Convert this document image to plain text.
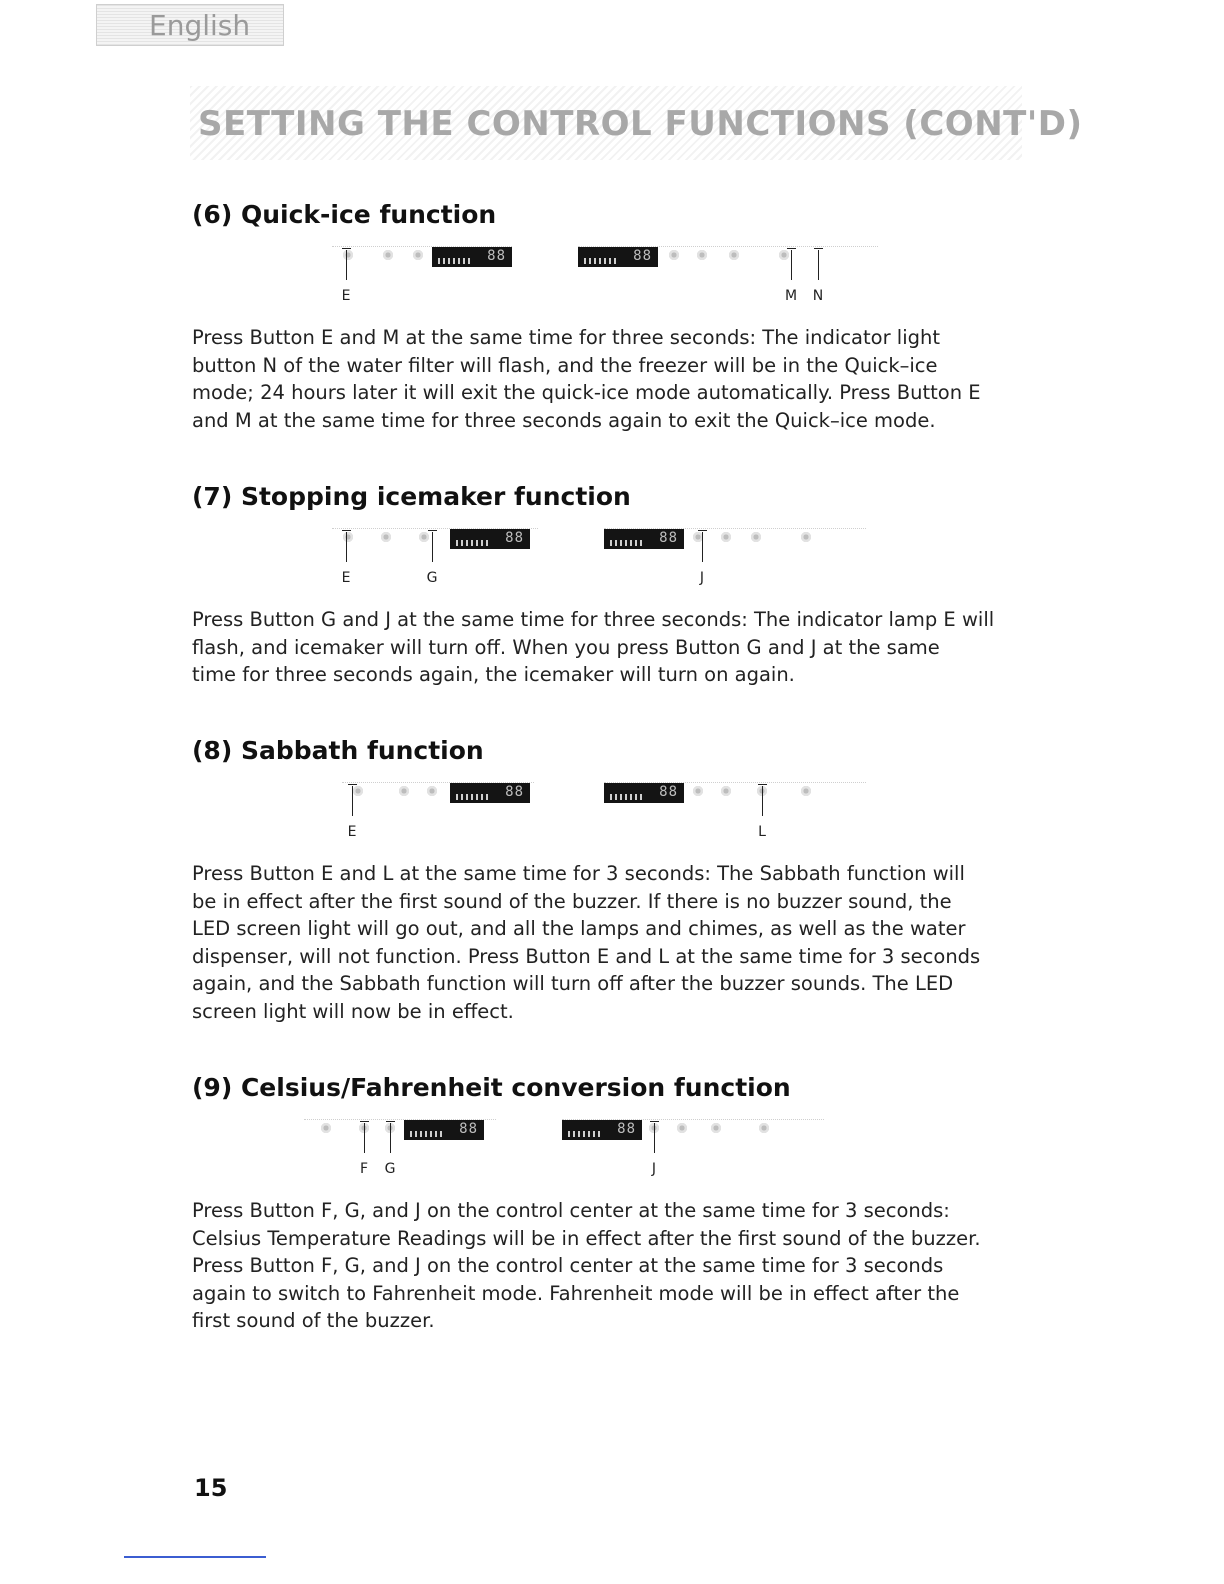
English
SETTING THE CONTROL FUNCTIONS (CONT'D)
(6) Quick-ice function
88	88
E	M	N
Press Button E and M at the same time for three seconds: The indicator light
button N of the water filter will flash, and the freezer will be in the Quick–ice
mode; 24 hours later it will exit the quick-ice mode automatically. Press Button E
and M at the same time for three seconds again to exit the Quick–ice mode.
(7) Stopping icemaker function
88	88
E	G	J
Press Button G and J at the same time for three seconds: The indicator lamp E will
flash, and icemaker will turn off. When you press Button G and J at the same
time for three seconds again, the icemaker will turn on again.
(8) Sabbath function
88	88
E	L
Press Button E and L at the same time for 3 seconds: The Sabbath function will
be in effect after the first sound of the buzzer. If there is no buzzer sound, the
LED screen light will go out, and all the lamps and chimes, as well as the water
dispenser, will not function. Press Button E and L at the same time for 3 seconds
again, and the Sabbath function will turn off after the buzzer sounds. The LED
screen light will now be in effect.
(9) Celsius/Fahrenheit conversion function
88	88
F	G	J
Press Button F, G, and J on the control center at the same time for 3 seconds:
Celsius Temperature Readings will be in effect after the first sound of the buzzer.
Press Button F, G, and J on the control center at the same time for 3 seconds
again to switch to Fahrenheit mode. Fahrenheit mode will be in effect after the
first sound of the buzzer.
15
